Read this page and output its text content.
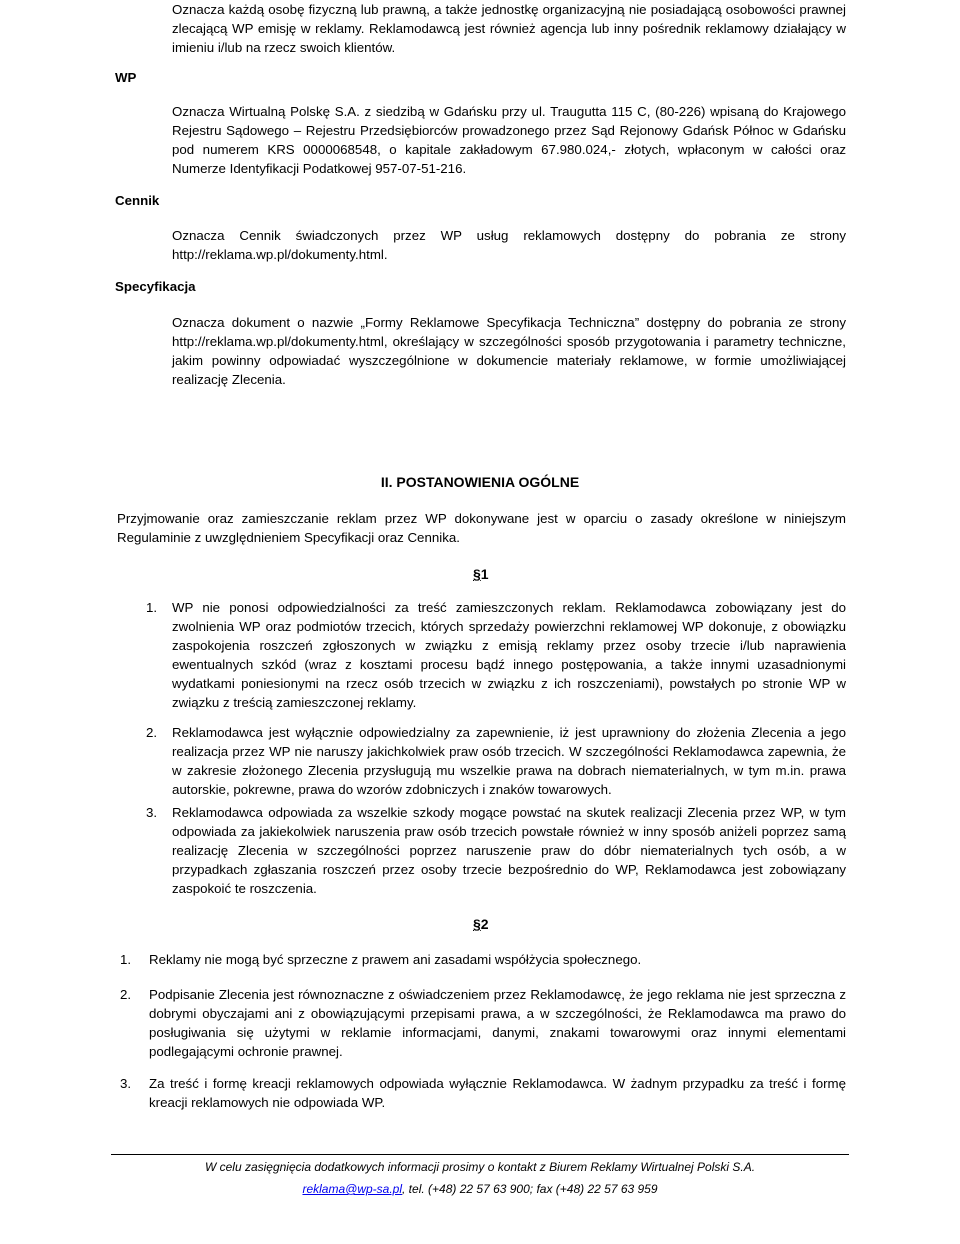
Oznacza każdą osobę fizyczną lub prawną, a także jednostkę organizacyjną nie posiadającą osobowości prawnej zlecającą WP emisję w reklamy. Reklamodawcą jest również agencja lub inny pośrednik reklamowy działający w imieniu i/lub na rzecz swoich klientów.

WP

Oznacza Wirtualną Polskę S.A. z siedzibą w Gdańsku przy ul. Traugutta 115 C, (80-226) wpisaną do Krajowego Rejestru Sądowego – Rejestru Przedsiębiorców prowadzonego przez Sąd Rejonowy Gdańsk Północ w Gdańsku pod numerem KRS 0000068548, o kapitale zakładowym 67.980.024,- złotych, wpłaconym w całości oraz Numerze Identyfikacji Podatkowej 957-07-51-216.

Cennik

Oznacza Cennik świadczonych przez WP usług reklamowych dostępny do pobrania ze strony http://reklama.wp.pl/dokumenty.html.

Specyfikacja

Oznacza dokument o nazwie „Formy Reklamowe Specyfikacja Techniczna” dostępny do pobrania ze strony http://reklama.wp.pl/dokumenty.html, określający w szczególności sposób przygotowania i parametry techniczne, jakim powinny odpowiadać wyszczególnione w dokumencie materiały reklamowe, w formie umożliwiającej realizację Zlecenia.

II. POSTANOWIENIA OGÓLNE

Przyjmowanie oraz zamieszczanie reklam przez WP dokonywane jest w oparciu o zasady określone w niniejszym Regulaminie z uwzględnieniem Specyfikacji oraz Cennika.

§1
1. WP nie ponosi odpowiedzialności za treść zamieszczonych reklam. Reklamodawca zobowiązany jest do zwolnienia WP oraz podmiotów trzecich, których sprzedaży powierzchni reklamowej WP dokonuje, z obowiązku zaspokojenia roszczeń zgłoszonych w związku z emisją reklamy przez osoby trzecie i/lub naprawienia ewentualnych szkód (wraz z kosztami procesu bądź innego postępowania, a także innymi uzasadnionymi wydatkami poniesionymi na rzecz osób trzecich w związku z ich roszczeniami), powstałych po stronie WP w związku z treścią zamieszczonej reklamy.

2. Reklamodawca jest wyłącznie odpowiedzialny za zapewnienie, iż jest uprawniony do złożenia Zlecenia a jego realizacja przez WP nie naruszy jakichkolwiek praw osób trzecich. W szczególności Reklamodawca zapewnia, że w zakresie złożonego Zlecenia przysługują mu wszelkie prawa na dobrach niematerialnych, w tym m.in. prawa autorskie, pokrewne, prawa do wzorów zdobniczych i znaków towarowych.

3. Reklamodawca odpowiada za wszelkie szkody mogące powstać na skutek realizacji Zlecenia przez WP, w tym odpowiada za jakiekolwiek naruszenia praw osób trzecich powstałe również w inny sposób aniżeli poprzez samą realizację Zlecenia w szczególności poprzez naruszenie praw do dóbr niematerialnych tych osób, a w przypadkach zgłaszania roszczeń przez osoby trzecie bezpośrednio do WP, Reklamodawca jest zobowiązany zaspokoić te roszczenia.

§2
1. Reklamy nie mogą być sprzeczne z prawem ani zasadami współżycia społecznego.

2. Podpisanie Zlecenia jest równoznaczne z oświadczeniem przez Reklamodawcę, że jego reklama nie jest sprzeczna z dobrymi obyczajami ani z obowiązującymi przepisami prawa, a w szczególności, że Reklamodawca ma prawo do posługiwania się użytymi w reklamie informacjami, danymi, znakami towarowymi oraz innymi elementami podlegającymi ochronie prawnej.

3. Za treść i formę kreacji reklamowych odpowiada wyłącznie Reklamodawca. W żadnym przypadku za treść i formę kreacji reklamowych nie odpowiada WP.

W celu zasięgnięcia dodatkowych informacji prosimy o kontakt z Biurem Reklamy Wirtualnej Polski S.A.
reklama@wp-sa.pl, tel. (+48) 22 57 63 900; fax (+48) 22 57 63 959
